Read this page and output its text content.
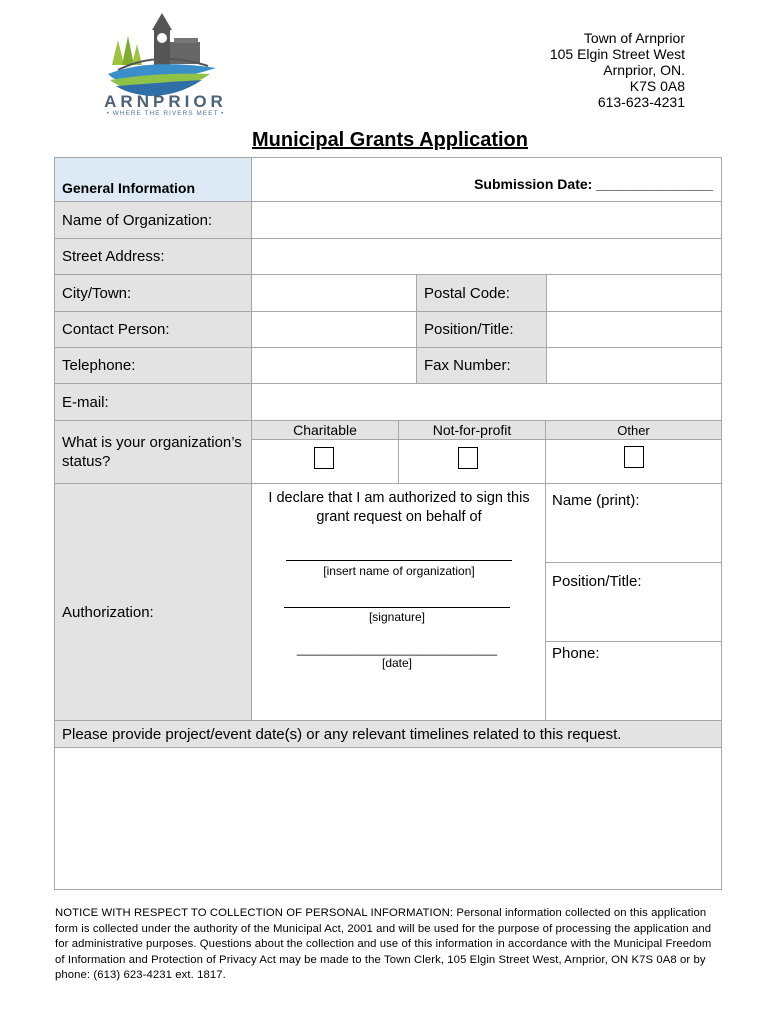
ARNPRIOR
• WHERE THE RIVERS MEET •
Town of Arnprior
105 Elgin Street West
Arnprior, ON.
K7S 0A8
613-623-4231
Municipal Grants Application
General Information	Submission Date: _______________
Name of Organization:
Street Address:
City/Town:	Postal Code:
Contact Person:	Position/Title:
Telephone:	Fax Number:
E-mail:
What is your organization’s status?
Charitable	Not-for-profit	Other
Authorization:
I declare that I am authorized to sign this grant request on behalf of
[insert name of organization]
[signature]
______________________________
[date]
Name (print):
Position/Title:
Phone:
Please provide project/event date(s) or any relevant timelines related to this request.
NOTICE WITH RESPECT TO COLLECTION OF PERSONAL INFORMATION: Personal information collected on this application form is collected under the authority of the Municipal Act, 2001 and will be used for the purpose of processing the application and for administrative purposes. Questions about the collection and use of this information in accordance with the Municipal Freedom of Information and Protection of Privacy Act may be made to the Town Clerk, 105 Elgin Street West, Arnprior, ON K7S 0A8 or by phone: (613) 623-4231 ext. 1817.
